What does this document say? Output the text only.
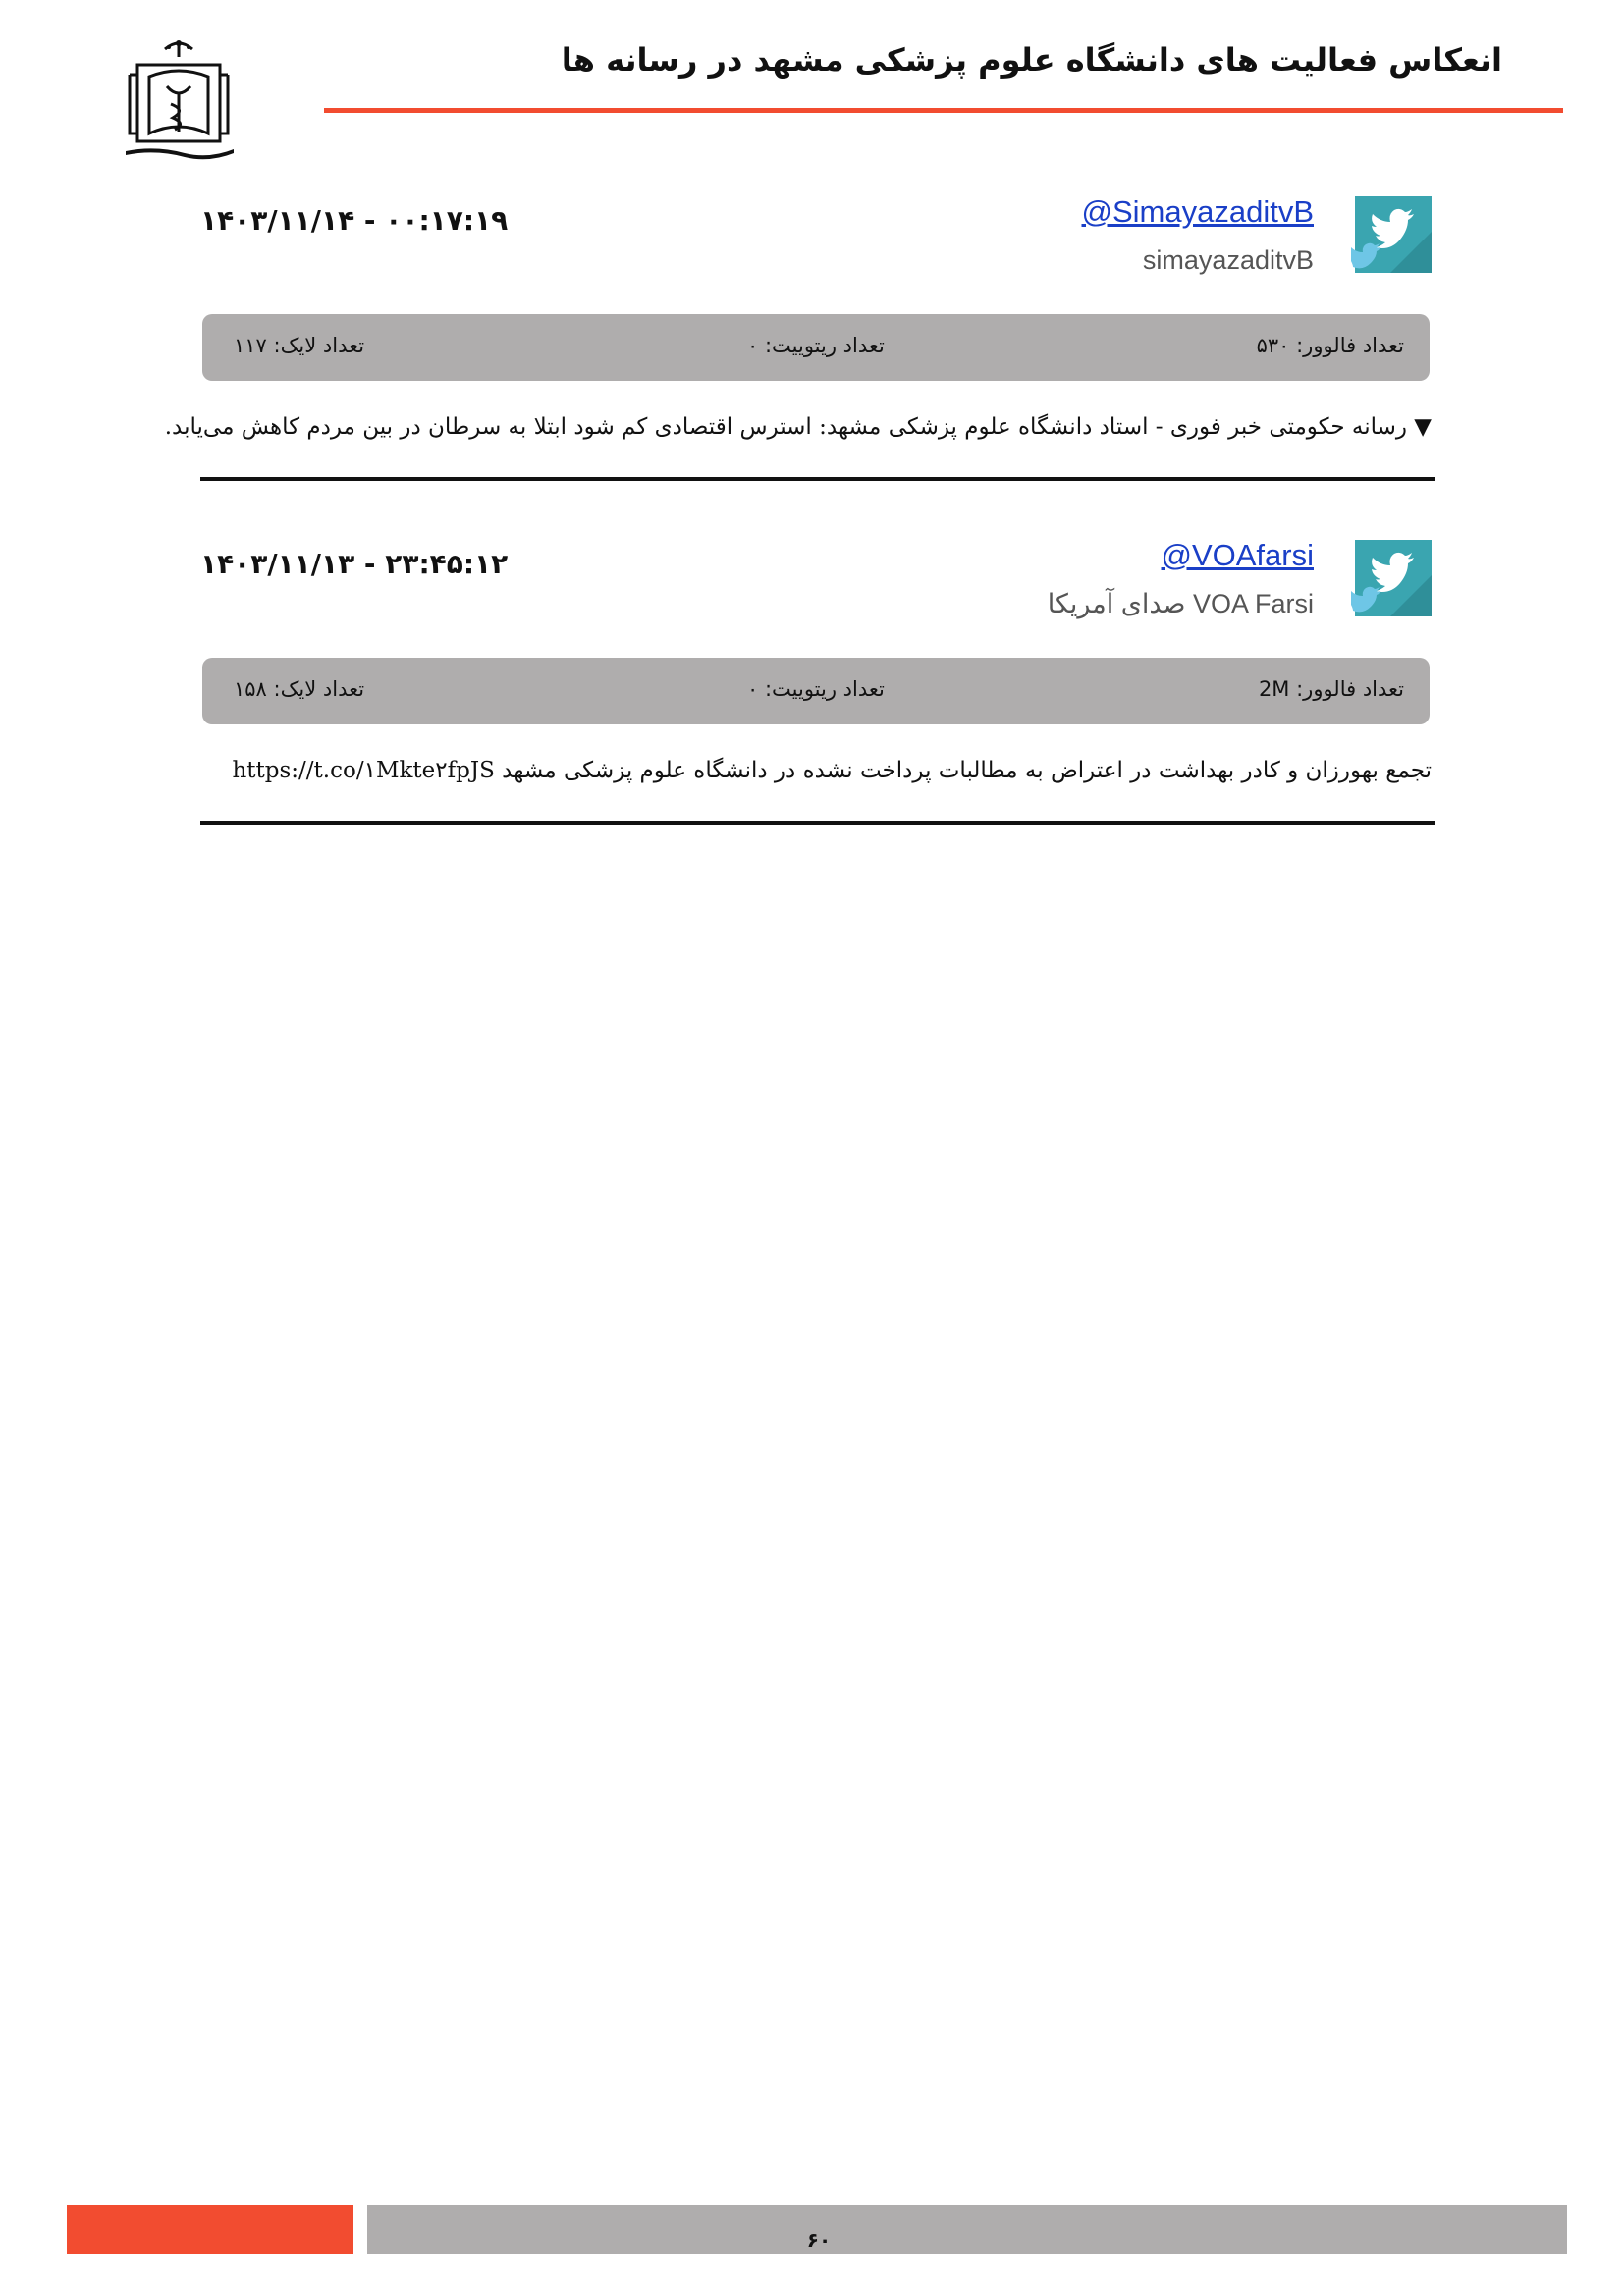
انعکاس فعالیت های دانشگاه علوم پزشکی مشهد در رسانه ها
@SimayazaditvB
simayazaditvB
۱۴۰۳/۱۱/۱۴ - ۰۰:۱۷:۱۹
تعداد فالوور: ۵۳۰
تعداد ریتوییت: ۰
تعداد لایک: ۱۱۷
▼ رسانه حکومتی خبر فوری - استاد دانشگاه علوم پزشکی مشهد: استرس اقتصادی کم شود ابتلا به سرطان در بین مردم کاهش می‌یابد.
@VOAfarsi
VOA Farsi صدای آمریکا
۱۴۰۳/۱۱/۱۳ - ۲۳:۴۵:۱۲
تعداد فالوور: 2M
تعداد ریتوییت: ۰
تعداد لایک: ۱۵۸
تجمع بهورزان و کادر بهداشت در اعتراض به مطالبات پرداخت نشده در دانشگاه علوم پزشکی مشهد https://t.co/۱Mkte۲fpJS
۶۰
